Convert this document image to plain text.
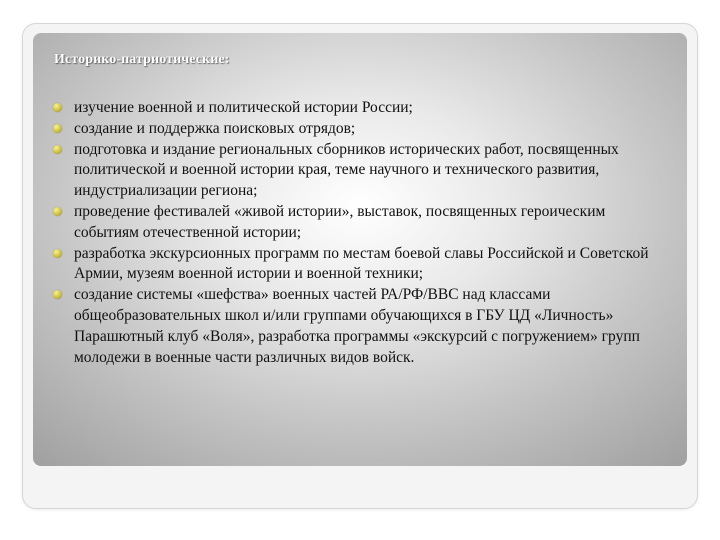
Историко-патриотические:
изучение военной и политической истории России;
создание и поддержка поисковых отрядов;
подготовка и издание региональных сборников исторических работ, посвященных политической и военной истории края, теме научного и технического развития, индустриализации региона;
проведение фестивалей «живой истории», выставок, посвященных героическим событиям отечественной истории;
разработка экскурсионных программ по местам боевой славы Российской и Советской Армии, музеям военной истории и военной техники;
создание системы «шефства» военных частей РА/РФ/ВВС над классами общеобразовательных школ и/или группами обучающихся в ГБУ ЦД «Личность» Парашютный клуб «Воля», разработка программы «экскурсий с погружением» групп молодежи в военные части различных видов войск.
